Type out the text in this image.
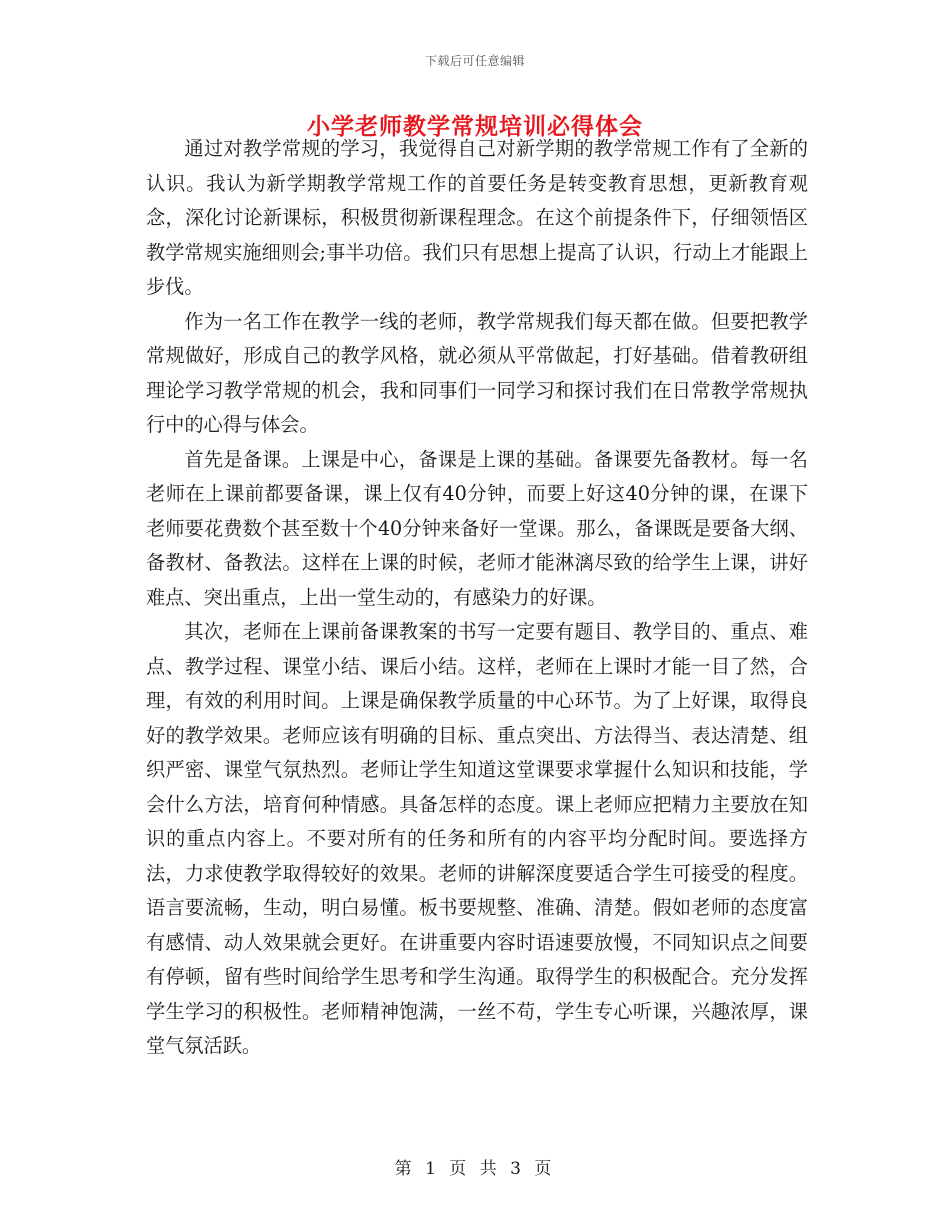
下载后可任意编辑
小学老师教学常规培训必得体会

通过对教学常规的学习，我觉得自己对新学期的教学常规工作有了全新的认识。我认为新学期教学常规工作的首要任务是转变教育思想，更新教育观念，深化讨论新课标，积极贯彻新课程理念。在这个前提条件下，仔细领悟区教学常规实施细则会;事半功倍。我们只有思想上提高了认识，行动上才能跟上步伐。

作为一名工作在教学一线的老师，教学常规我们每天都在做。但要把教学常规做好，形成自己的教学风格，就必须从平常做起，打好基础。借着教研组理论学习教学常规的机会，我和同事们一同学习和探讨我们在日常教学常规执行中的心得与体会。

首先是备课。上课是中心，备课是上课的基础。备课要先备教材。每一名老师在上课前都要备课，课上仅有40分钟，而要上好这40分钟的课，在课下老师要花费数个甚至数十个40分钟来备好一堂课。那么，备课既是要备大纲、备教材、备教法。这样在上课的时候，老师才能淋漓尽致的给学生上课，讲好难点、突出重点，上出一堂生动的，有感染力的好课。

其次，老师在上课前备课教案的书写一定要有题目、教学目的、重点、难点、教学过程、课堂小结、课后小结。这样，老师在上课时才能一目了然，合理，有效的利用时间。上课是确保教学质量的中心环节。为了上好课，取得良好的教学效果。老师应该有明确的目标、重点突出、方法得当、表达清楚、组织严密、课堂气氛热烈。老师让学生知道这堂课要求掌握什么知识和技能，学会什么方法，培育何种情感。具备怎样的态度。课上老师应把精力主要放在知识的重点内容上。不要对所有的任务和所有的内容平均分配时间。要选择方法，力求使教学取得较好的效果。老师的讲解深度要适合学生可接受的程度。语言要流畅，生动，明白易懂。板书要规整、准确、清楚。假如老师的态度富有感情、动人效果就会更好。在讲重要内容时语速要放慢，不同知识点之间要有停顿，留有些时间给学生思考和学生沟通。取得学生的积极配合。充分发挥学生学习的积极性。老师精神饱满，一丝不苟，学生专心听课，兴趣浓厚，课堂气氛活跃。

第 1 页 共 3 页
